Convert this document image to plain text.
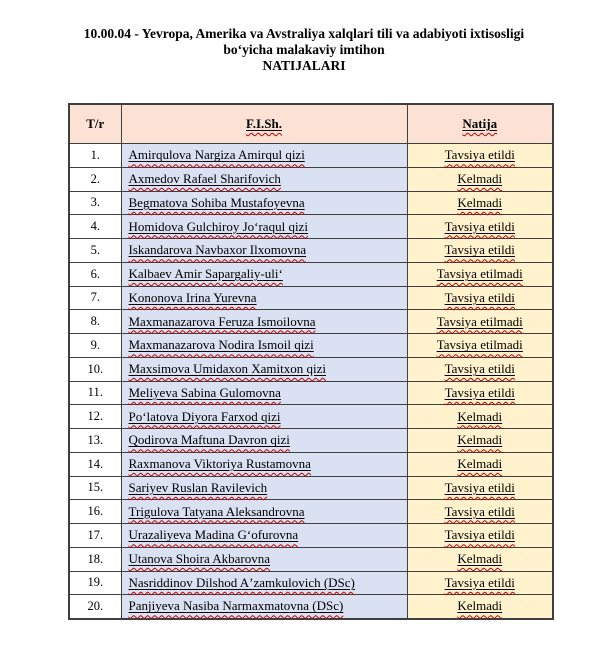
10.00.04 - Yevropa, Amerika va Avstraliya xalqlari tili va adabiyoti ixtisosligi
boʻyicha malakaviy imtihon
NATIJALARI
T/r	F.I.Sh.	Natija
1.	Amirqulova Nargiza Amirqul qizi	Tavsiya etildi
2.	Axmedov Rafael Sharifovich	Kelmadi
3.	Begmatova Sohiba Mustafoyevna	Kelmadi
4.	Homidova Gulchiroy Joʻraqul qizi	Tavsiya etildi
5.	Iskandarova Navbaxor Ilxomovna	Tavsiya etildi
6.	Kalbaev Amir Sapargaliy-uliʻ	Tavsiya etilmadi
7.	Kononova Irina Yurevna	Tavsiya etildi
8.	Maxmanazarova Feruza Ismoilovna	Tavsiya etilmadi
9.	Maxmanazarova Nodira Ismoil qizi	Tavsiya etilmadi
10.	Maxsimova Umidaxon Xamitxon qizi	Tavsiya etildi
11.	Meliyeva Sabina Gulomovna	Tavsiya etildi
12.	Poʻlatova Diyora Farxod qizi	Kelmadi
13.	Qodirova Maftuna Davron qizi	Kelmadi
14.	Raxmanova Viktoriya Rustamovna	Kelmadi
15.	Sariyev Ruslan Ravilevich	Tavsiya etildi
16.	Trigulova Tatyana Aleksandrovna	Tavsiya etildi
17.	Urazaliyeva Madina Gʻofurovna	Tavsiya etildi
18.	Utanova Shoira Akbarovna	Kelmadi
19.	Nasriddinov Dilshod Aʼzamkulovich (DSc)	Tavsiya etildi
20.	Panjiyeva Nasiba Narmaxmatovna (DSc)	Kelmadi
